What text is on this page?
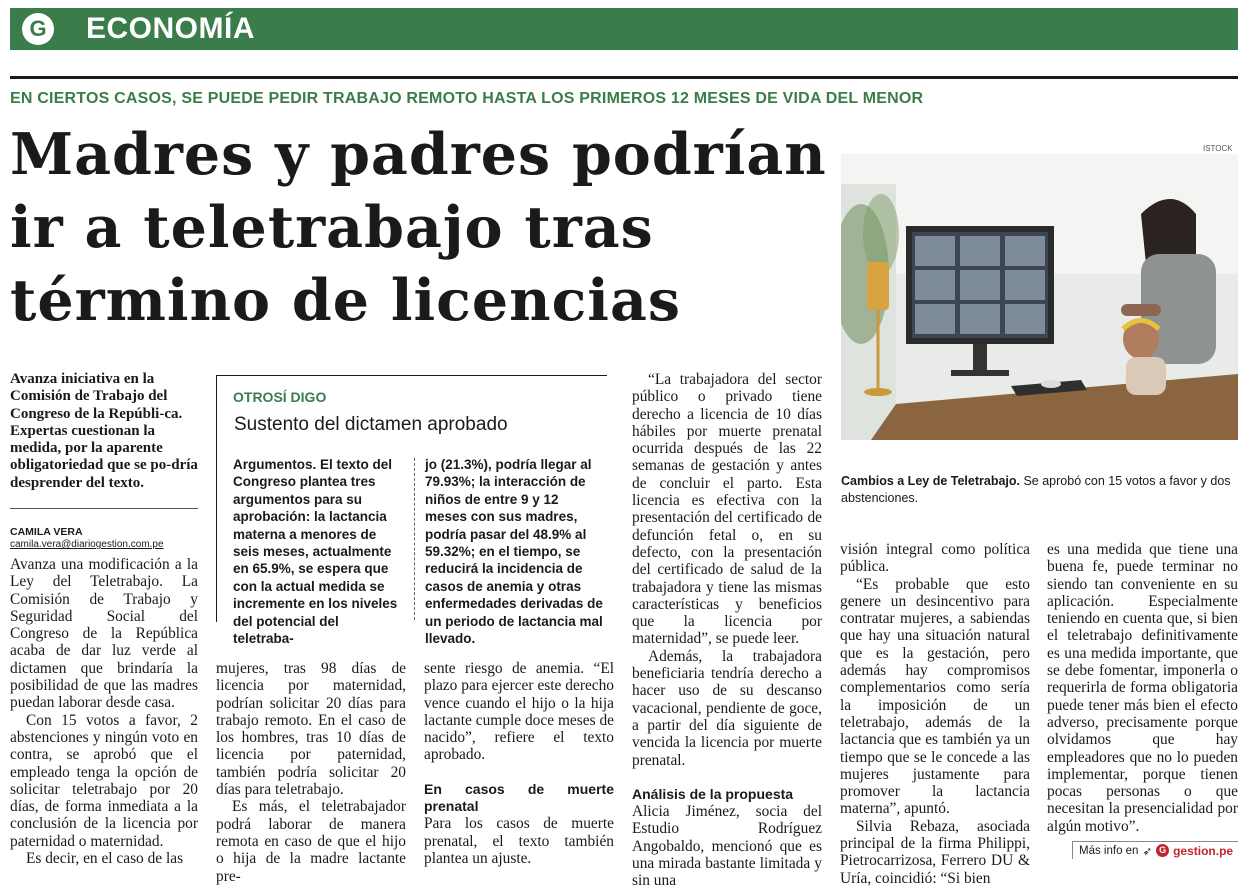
G ECONOMÍA
EN CIERTOS CASOS, SE PUEDE PEDIR TRABAJO REMOTO HASTA LOS PRIMEROS 12 MESES DE VIDA DEL MENOR
Madres y padres podrían
ir a teletrabajo tras
término de licencias
ISTOCK
Cambios a Ley de Teletrabajo. Se aprobó con 15 votos a favor y dos abstenciones.
Avanza iniciativa en la Comisión de Trabajo del Congreso de la Repúbli-ca. Expertas cuestionan la medida, por la aparente obligatoriedad que se po-dría desprender del texto.
CAMILA VERA
camila.vera@diariogestion.com.pe

Avanza una modificación a la Ley del Teletrabajo. La Comisión de Trabajo y Seguridad Social del Congreso de la República acaba de dar luz verde al dictamen que brindaría la posibilidad de que las madres puedan laborar desde casa.

Con 15 votos a favor, 2 abstenciones y ningún voto en contra, se aprobó que el empleado tenga la opción de solicitar teletrabajo por 20 días, de forma inmediata a la conclusión de la licencia por paternidad o maternidad.

Es decir, en el caso de las

OTROSÍ DIGO
Sustento del dictamen aprobado
Argumentos. El texto del Congreso plantea tres argumentos para su aprobación: la lactancia materna a menores de seis meses, actualmente en 65.9%, se espera que con la actual medida se incremente en los niveles del potencial del teletraba-
jo (21.3%), podría llegar al 79.93%; la interacción de niños de entre 9 y 12 meses con sus madres, podría pasar del 48.9% al 59.32%; en el tiempo, se reducirá la incidencia de casos de anemia y otras enfermedades derivadas de un periodo de lactancia mal llevado.

mujeres, tras 98 días de licencia por maternidad, podrían solicitar 20 días para trabajo remoto. En el caso de los hombres, tras 10 días de licencia por paternidad, también podría solicitar 20 días para teletrabajo.

Es más, el teletrabajador podrá laborar de manera remota en caso de que el hijo o hija de la madre lactante pre-

sente riesgo de anemia. “El plazo para ejercer este derecho vence cuando el hijo o la hija lactante cumple doce meses de nacido”, refiere el texto aprobado.

En casos de muerte prenatal

Para los casos de muerte prenatal, el texto también plantea un ajuste.

“La trabajadora del sector público o privado tiene derecho a licencia de 10 días hábiles por muerte prenatal ocurrida después de las 22 semanas de gestación y antes de concluir el parto. Esta licencia es efectiva con la presentación del certificado de defunción fetal o, en su defecto, con la presentación del certificado de salud de la trabajadora y tiene las mismas características y beneficios que la licencia por maternidad”, se puede leer.

Además, la trabajadora beneficiaria tendría derecho a hacer uso de su descanso vacacional, pendiente de goce, a partir del día siguiente de vencida la licencia por muerte prenatal.

Análisis de la propuesta

Alicia Jiménez, socia del Estudio Rodríguez Angobaldo, mencionó que es una mirada bastante limitada y sin una

visión integral como política pública.

“Es probable que esto genere un desincentivo para contratar mujeres, a sabiendas que hay una situación natural que es la gestación, pero además hay compromisos complementarios como sería la imposición de un teletrabajo, además de la lactancia que es también ya un tiempo que se le concede a las mujeres justamente para promover la lactancia materna”, apuntó.

Silvia Rebaza, asociada principal de la firma Philippi, Pietrocarrizosa, Ferrero DU & Uría, coincidió: “Si bien

es una medida que tiene una buena fe, puede terminar no siendo tan conveniente en su aplicación. Especialmente teniendo en cuenta que, si bien el teletrabajo definitivamente es una medida importante, que se debe fomentar, imponerla o requerirla de forma obligatoria puede tener más bien el efecto adverso, precisamente porque olvidamos que hay empleadores que no lo pueden implementar, porque tienen pocas personas o que necesitan la presencialidad por algún motivo”.

Más info en ➶ G gestion.pe
